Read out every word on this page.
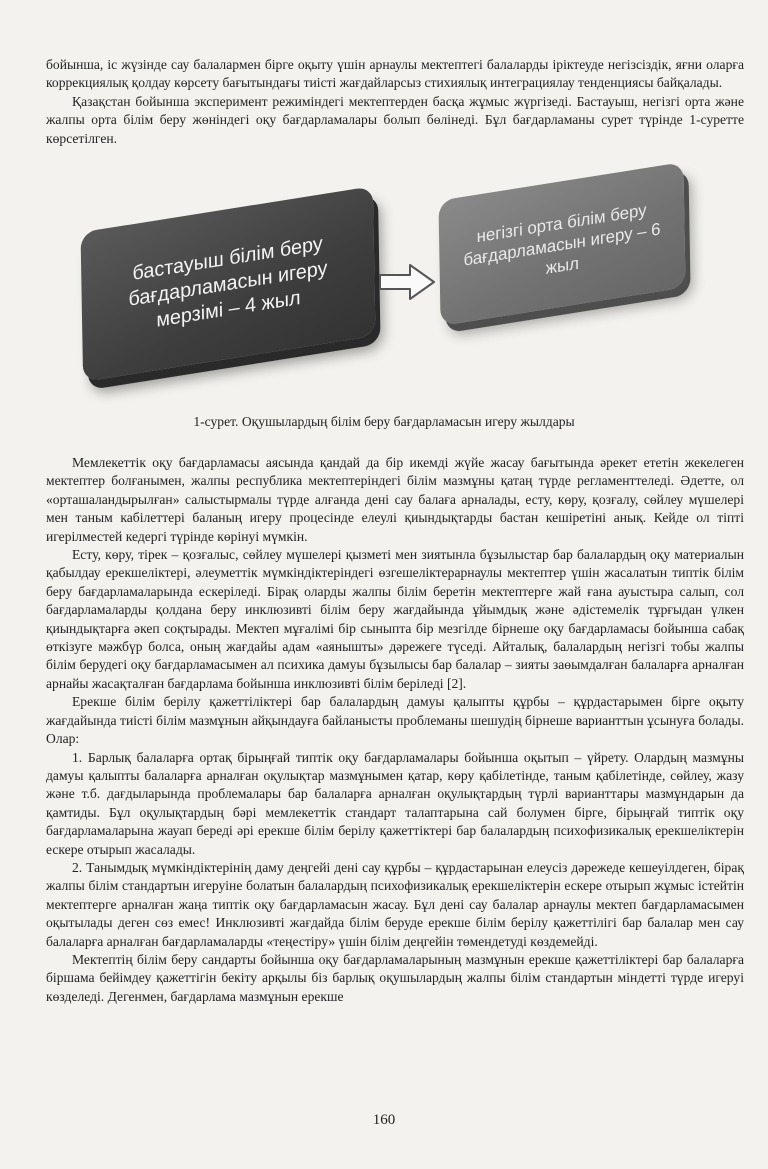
бойынша, іс жүзінде сау балалармен бірге оқыту үшін арнаулы мектептегі балаларды іріктеуде негізсіздік, яғни оларға коррекциялық қолдау көрсету бағытындағы тиісті жағдайларсыз стихиялық интеграциялау тенденциясы байқалады.

Қазақстан бойынша эксперимент режиміндегі мектептерден басқа жұмыс жүргізеді. Бастауыш, негізгі орта және жалпы орта білім беру жөніндегі оқу бағдарламалары болып бөлінеді. Бұл бағдарламаны сурет түрінде 1-суретте көрсетілген.

бастауыш білім беру бағдарламасын игеру мерзімі – 4 жыл
негізгі орта білім беру бағдарламасын игеру – 6 жыл
1-сурет. Оқушылардың білім беру бағдарламасын игеру жылдары

Мемлекеттік оқу бағдарламасы аясында қандай да бір икемді жүйе жасау бағытында әрекет ететін жекелеген мектептер болғанымен, жалпы республика мектептеріндегі білім мазмұны қатаң түрде регламенттеледі. Әдетте, ол «орташаландырылған» салыстырмалы түрде алғанда дені сау балаға арналады, есту, көру, қозғалу, сөйлеу мүшелері мен таным кабілеттері баланың игеру процесінде елеулі қиындықтарды бастан кешіретіні анық. Кейде ол тіпті игерілместей кедергі түрінде көрінуі мүмкін.

Есту, көру, тірек – қозғалыс, сөйлеу мүшелері қызметі мен зиятынла бұзылыстар бар балалардың оқу материалын қабылдау ерекшеліктері, әлеуметтік мүмкіндіктеріндегі өзгешеліктерарнаулы мектептер үшін жасалатын типтік білім беру бағдарламаларында ескеріледі. Бірақ оларды жалпы білім беретін мектептерге жай ғана ауыстыра салып, сол бағдарламаларды қолдана беру инклюзивті білім беру жағдайында ұйымдық және әдістемелік тұрғыдан үлкен қиындықтарға әкеп соқтырады. Мектеп мұғалімі бір сыныпта бір мезгілде бірнеше оқу бағдарламасы бойынша сабақ өткізуге мәжбүр болса, оның жағдайы адам «аянышты» дәрежеге түседі. Айталық, балалардың негізгі тобы жалпы білім берудегі оқу бағдарламасымен ал психика дамуы бұзылысы бар балалар – зияты заөымдалған балаларға арналған арнайы жасақталған бағдарлама бойынша инклюзивті білім беріледі [2].

Ерекше білім берілу қажеттіліктері бар балалардың дамуы қалыпты құрбы – құрдастарымен бірге оқыту жағдайында тиісті білім мазмұнын айқындауға байланысты проблеманы шешудің бірнеше варианттын ұсынуға болады. Олар:

1. Барлық балаларға ортақ бірыңғай типтік оқу бағдарламалары бойынша оқытып – үйрету. Олардың мазмұны дамуы қалыпты балаларға арналған оқулықтар мазмұнымен қатар, көру қабілетінде, таным қабілетінде, сөйлеу, жазу және т.б. дағдыларында проблемалары бар балаларға арналған оқулықтардың түрлі варианттары мазмұндарын да қамтиды. Бұл оқулықтардың бәрі мемлекеттік стандарт талаптарына сай болумен бірге, бірыңғай типтік оқу бағдарламаларына жауап береді әрі ерекше білім берілу қажеттіктері бар балалардың психофизикалық ерекшеліктерін ескере отырып жасалады.

2. Танымдық мүмкіндіктерінің даму деңгейі дені сау құрбы – құрдастарынан елеусіз дәрежеде кешеуілдеген, бірақ жалпы білім стандартын игеруіне болатын балалардың психофизикалық ерекшеліктерін ескере отырып жұмыс істейтін мектептерге арналған жаңа типтік оқу бағдарламасын жасау. Бұл дені сау балалар арнаулы мектеп бағдарламасымен оқытылады деген сөз емес! Инклюзивті жағдайда білім беруде ерекше білім берілу қажеттілігі бар балалар мен сау балаларға арналған бағдарламаларды «теңестіру» үшін білім деңгейін төмендетуді көздемейді.

Мектептің білім беру сандарты бойынша оқу бағдарламаларының мазмұнын ерекше қажеттіліктері бар балаларға біршама бейімдеу қажеттігін бекіту арқылы біз барлық оқушылардың жалпы білім стандартын міндетті түрде игеруі көзделеді. Дегенмен, бағдарлама мазмұнын ерекше

160
